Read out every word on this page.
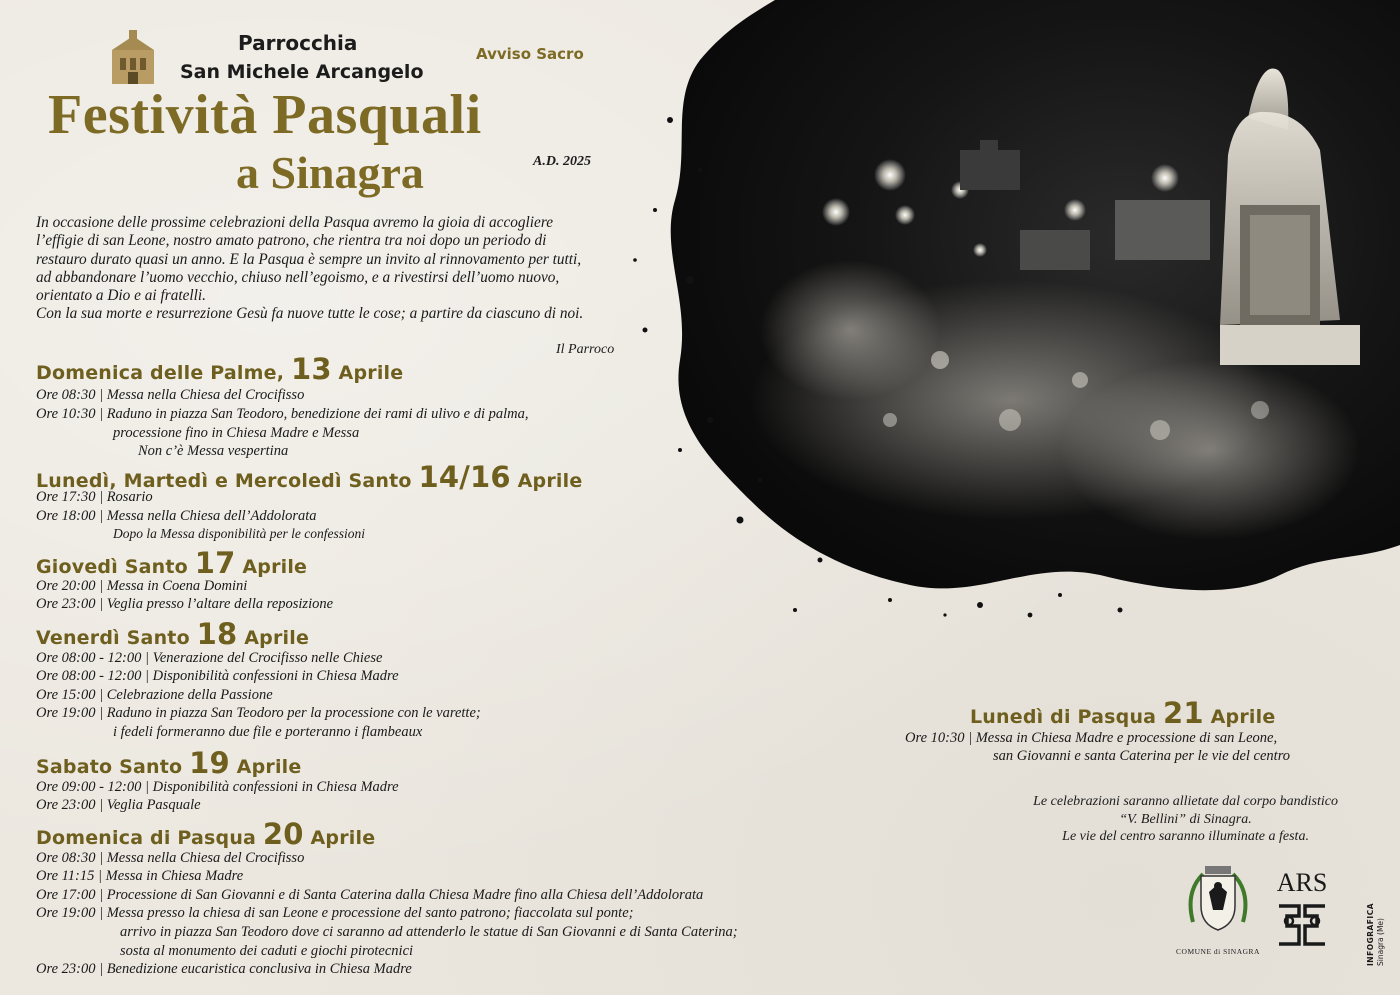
Parrocchia
San Michele Arcangelo
Avviso Sacro
Festività Pasquali
a Sinagra	A.D. 2025

In occasione delle prossime celebrazioni della Pasqua avremo la gioia di accogliere

l’effigie di san Leone, nostro amato patrono, che rientra tra noi dopo un periodo di

restauro durato quasi un anno. E la Pasqua è sempre un invito al rinnovamento per tutti,

ad abbandonare l’uomo vecchio, chiuso nell’egoismo, e a rivestirsi dell’uomo nuovo,

orientato a Dio e ai fratelli.

Con la sua morte e resurrezione Gesù fa nuove tutte le cose; a partire da ciascuno di noi.

Il Parroco
Domenica delle Palme, 13 Aprile
Ore 08:30 | Messa nella Chiesa del Crocifisso
Ore 10:30 | Raduno in piazza San Teodoro, benedizione dei rami di ulivo e di palma,
processione fino in Chiesa Madre e Messa
Non c’è Messa vespertina
Lunedì, Martedì e Mercoledì Santo 14/16 Aprile
Ore 17:30 | Rosario
Ore 18:00 | Messa nella Chiesa dell’Addolorata
Dopo la Messa disponibilità per le confessioni
Giovedì Santo 17 Aprile
Ore 20:00 | Messa in Coena Domini
Ore 23:00 | Veglia presso l’altare della reposizione
Venerdì Santo 18 Aprile
Ore 08:00 - 12:00 | Venerazione del Crocifisso nelle Chiese
Ore 08:00 - 12:00 | Disponibilità confessioni in Chiesa Madre
Ore 15:00 | Celebrazione della Passione
Ore 19:00 | Raduno in piazza San Teodoro per la processione con le varette;
i fedeli formeranno due file e porteranno i flambeaux
Sabato Santo 19 Aprile
Ore 09:00 - 12:00 | Disponibilità confessioni in Chiesa Madre
Ore 23:00 | Veglia Pasquale
Domenica di Pasqua 20 Aprile
Ore 08:30 | Messa nella Chiesa del Crocifisso
Ore 11:15 | Messa in Chiesa Madre
Ore 17:00 | Processione di San Giovanni e di Santa Caterina dalla Chiesa Madre fino alla Chiesa dell’Addolorata
Ore 19:00 | Messa presso la chiesa di san Leone e processione del santo patrono; fiaccolata sul ponte;
arrivo in piazza San Teodoro dove ci saranno ad attenderlo le statue di San Giovanni e di Santa Caterina;
sosta al monumento dei caduti e giochi pirotecnici
Ore 23:00 | Benedizione eucaristica conclusiva in Chiesa Madre
Lunedì di Pasqua 21 Aprile
Ore 10:30 | Messa in Chiesa Madre e processione di san Leone,
san Giovanni e santa Caterina per le vie del centro
Le celebrazioni saranno allietate dal corpo bandistico
“V. Bellini” di Sinagra.
Le vie del centro saranno illuminate a festa.
COMUNE di SINAGRA
ARS
INFOGRAFICA Sinagra (Me)
